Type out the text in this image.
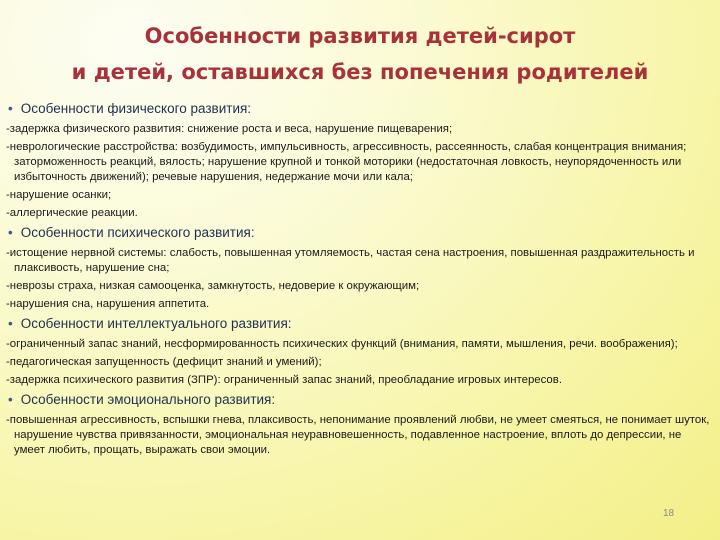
Особенности развития детей-сирот
и детей, оставшихся без попечения родителей
• Особенности физического развития:
-задержка физического развития: снижение роста и веса, нарушение пищеварения;
-неврологические расстройства: возбудимость, импульсивность, агрессивность, рассеянность, слабая концентрация внимания; заторможенность реакций, вялость; нарушение крупной и тонкой моторики (недостаточная ловкость, неупорядоченность или избыточность движений); речевые нарушения, недержание мочи или кала;
-нарушение осанки;
-аллергические реакции.
• Особенности психического развития:
-истощение нервной системы: слабость, повышенная утомляемость, частая сена настроения, повышенная раздражительность и плаксивость, нарушение сна;
-неврозы страха, низкая самооценка, замкнутость, недоверие к окружающим;
-нарушения сна, нарушения аппетита.
• Особенности интеллектуального развития:
-ограниченный запас знаний, несформированность психических функций (внимания, памяти, мышления, речи. воображения);
-педагогическая запущенность (дефицит знаний и умений);
-задержка психического развития (ЗПР): ограниченный запас знаний, преобладание игровых интересов.
• Особенности эмоционального развития:
-повышенная агрессивность, вспышки гнева, плаксивость, непонимание проявлений любви, не умеет смеяться, не понимает шуток, нарушение чувства привязанности, эмоциональная неуравновешенность, подавленное настроение, вплоть до депрессии, не умеет любить, прощать, выражать свои эмоции.
18
